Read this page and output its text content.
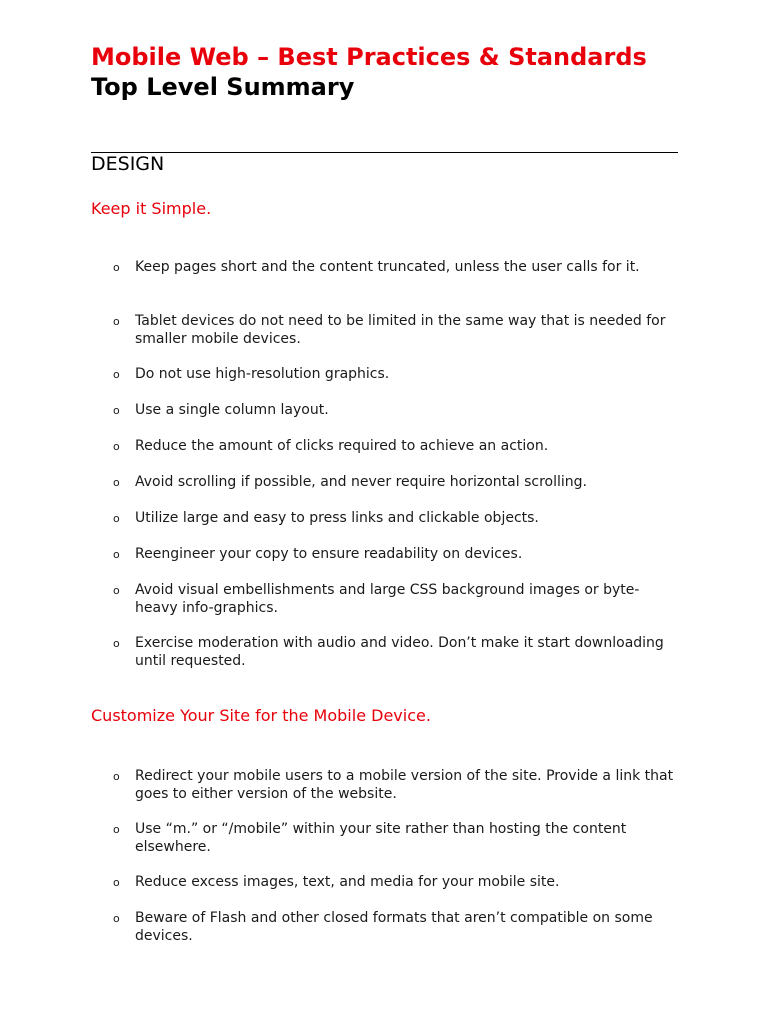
Mobile Web – Best Practices & Standards
Top Level Summary
DESIGN
Keep it Simple.
o Keep pages short and the content truncated, unless the user calls for it.
o Tablet devices do not need to be limited in the same way that is needed for smaller mobile devices.
o Do not use high-resolution graphics.
o Use a single column layout.
o Reduce the amount of clicks required to achieve an action.
o Avoid scrolling if possible, and never require horizontal scrolling.
o Utilize large and easy to press links and clickable objects.
o Reengineer your copy to ensure readability on devices.
o Avoid visual embellishments and large CSS background images or byte-heavy info-graphics.
o Exercise moderation with audio and video. Don’t make it start downloading until requested.
Customize Your Site for the Mobile Device.
o Redirect your mobile users to a mobile version of the site. Provide a link that goes to either version of the website.
o Use “m.” or “/mobile” within your site rather than hosting the content elsewhere.
o Reduce excess images, text, and media for your mobile site.
o Beware of Flash and other closed formats that aren’t compatible on some devices.
